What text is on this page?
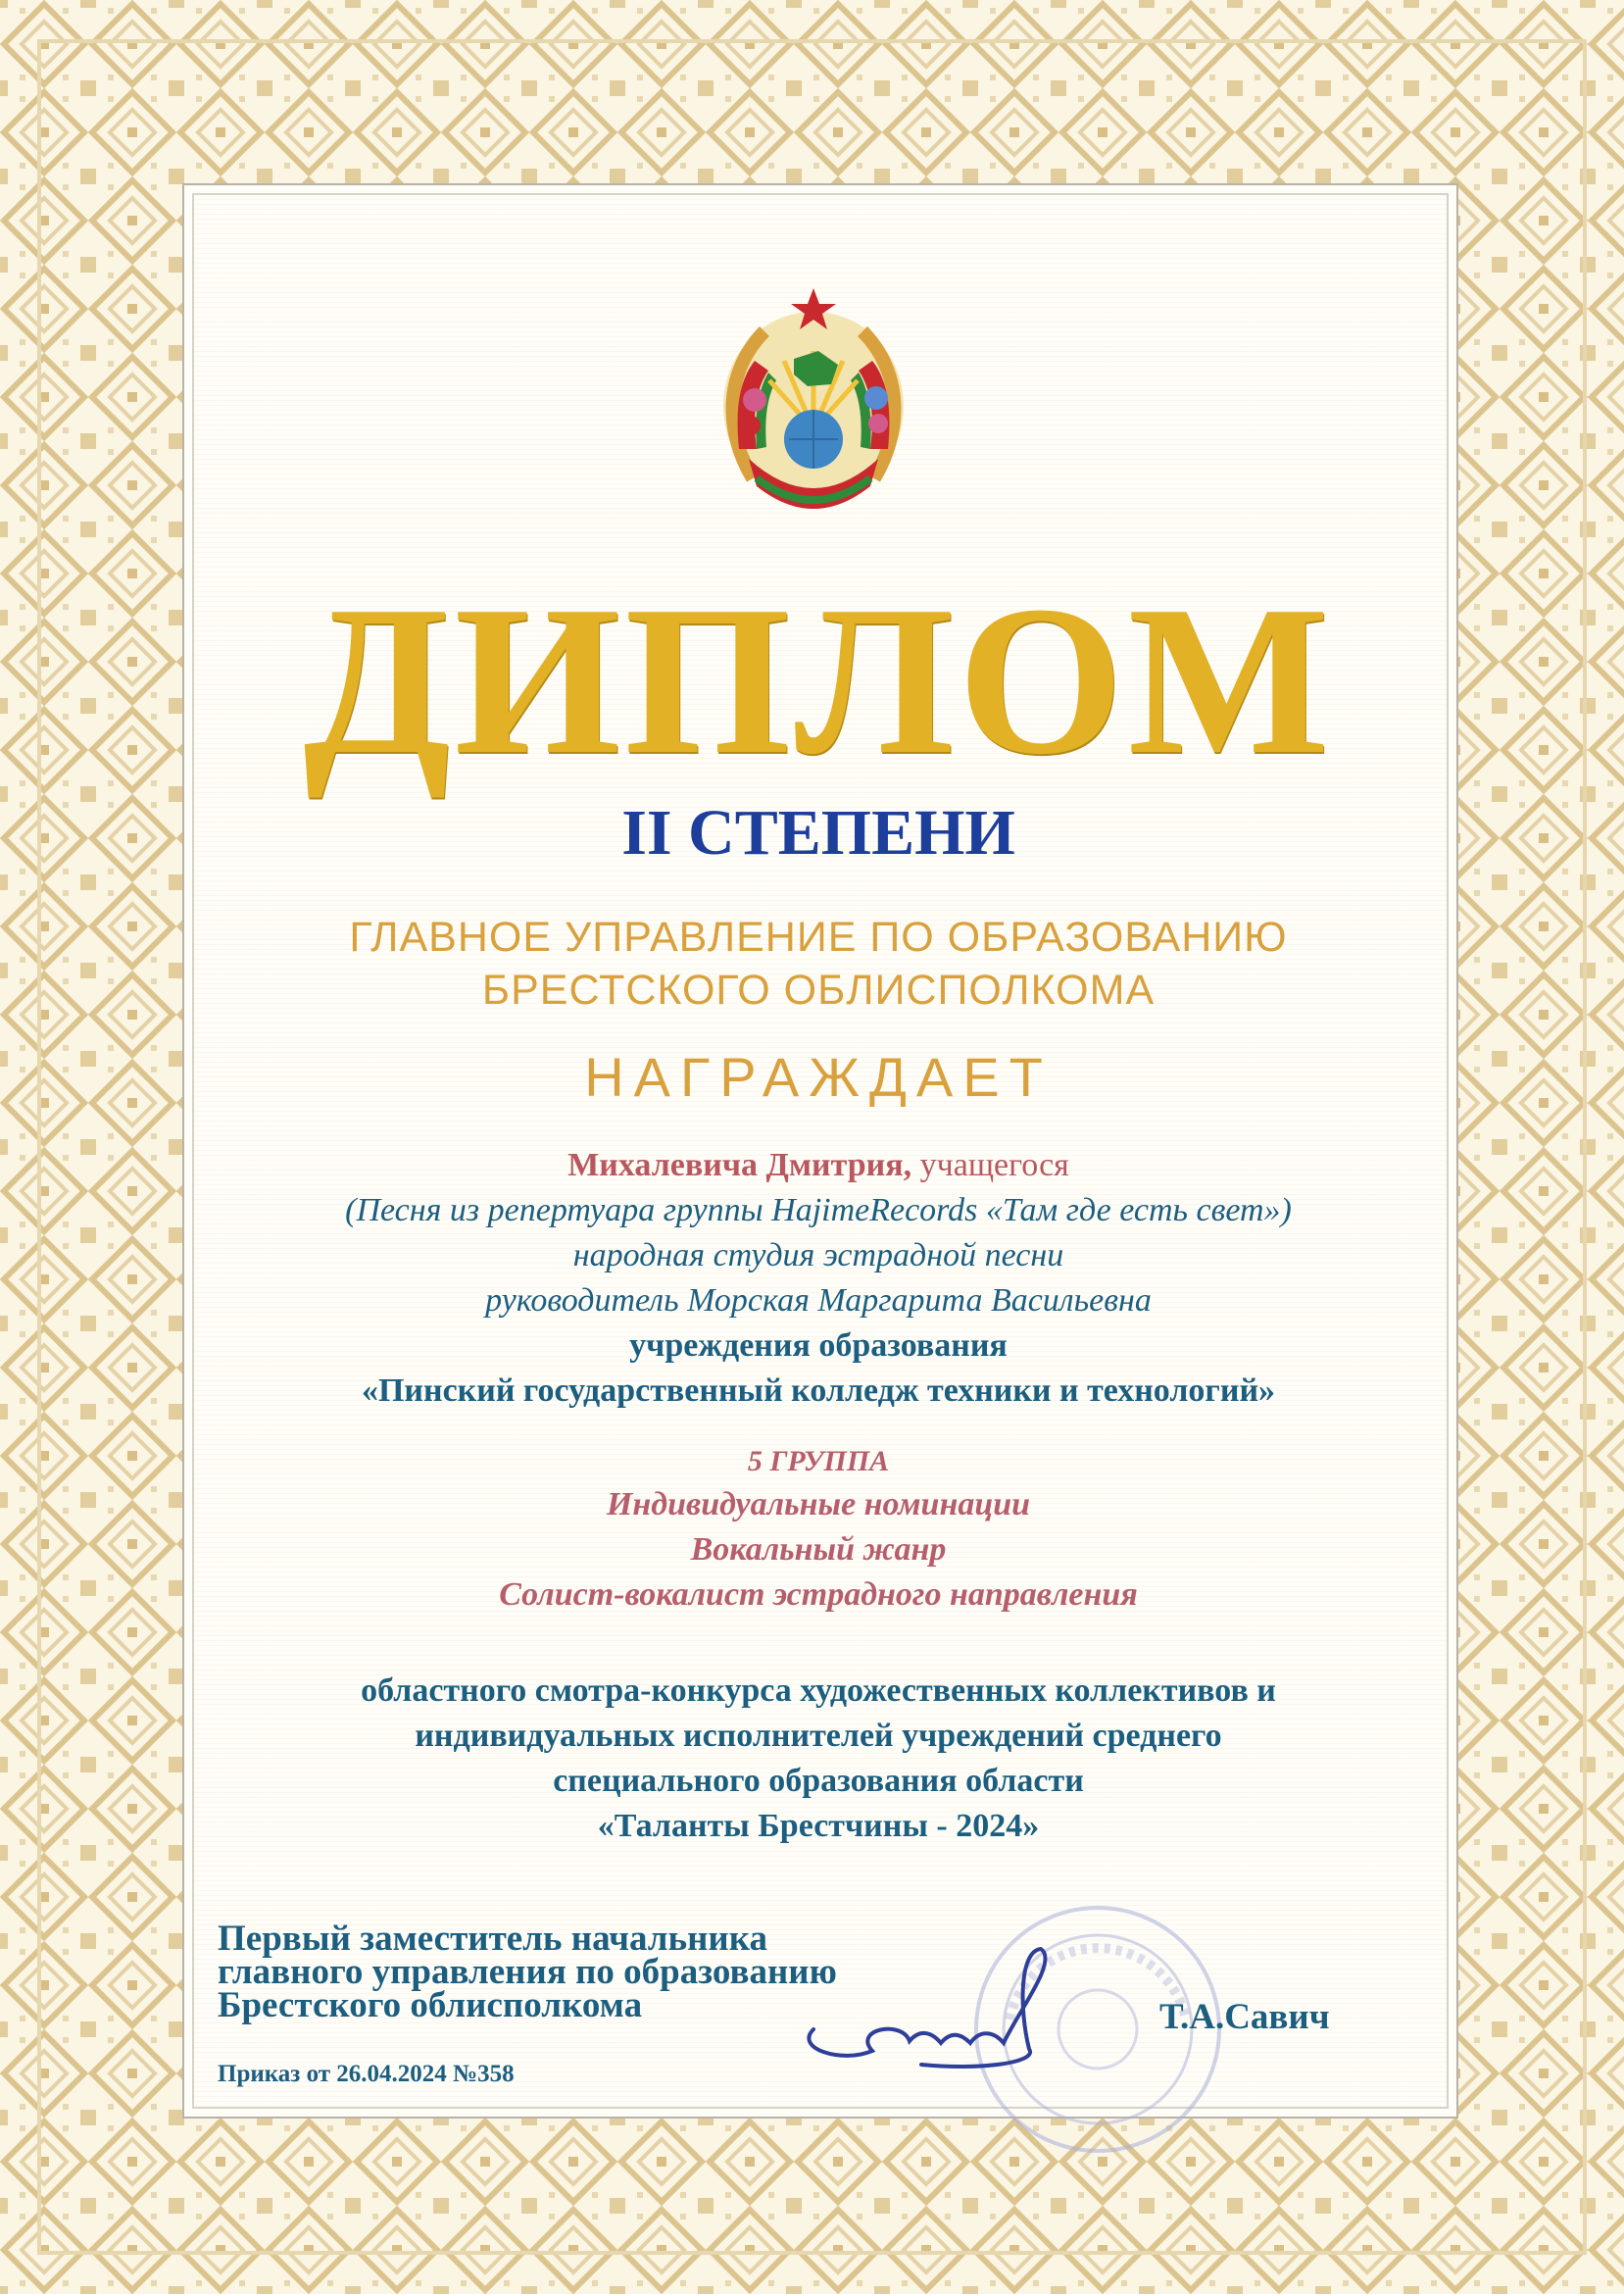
ДИПЛОМ
II СТЕПЕНИ
ГЛАВНОЕ УПРАВЛЕНИЕ ПО ОБРАЗОВАНИЮ
БРЕСТСКОГО ОБЛИСПОЛКОМА
НАГРАЖДАЕТ
Михалевича Дмитрия, учащегося
(Песня из репертуара группы HajimeRecords «Там где есть свет»)
народная студия эстрадной песни
руководитель Морская Маргарита Васильевна
учреждения образования
«Пинский государственный колледж техники и технологий»
5 ГРУППА
Индивидуальные номинации
Вокальный жанр
Солист-вокалист эстрадного направления
областного смотра-конкурса художественных коллективов и
индивидуальных исполнителей учреждений среднего
специального образования области
«Таланты Брестчины - 2024»
Первый заместитель начальника
главного управления по образованию
Брестского облисполкома	Т.А.Савич
Приказ от 26.04.2024 №358
